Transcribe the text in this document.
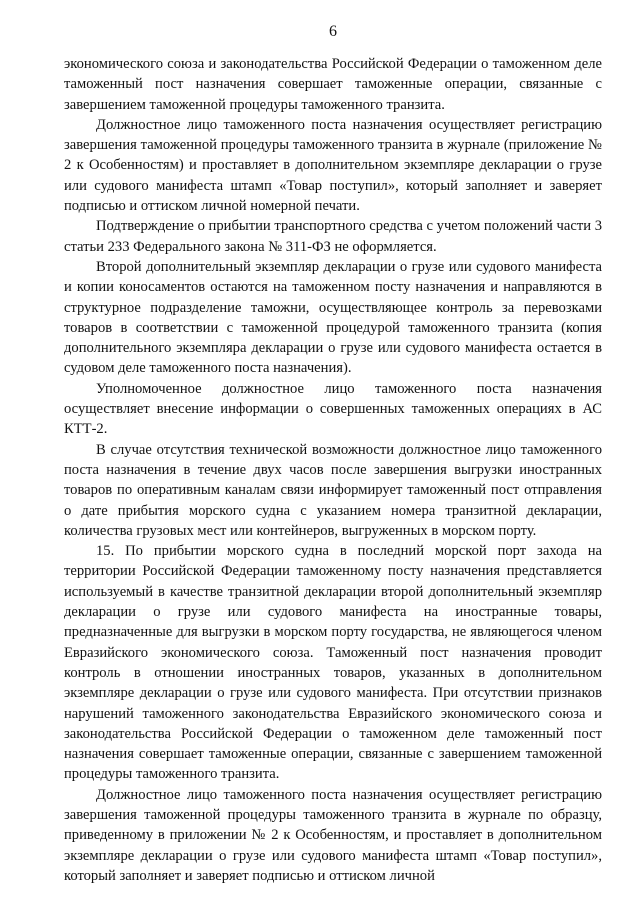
6

экономического союза и законодательства Российской Федерации о таможенном деле таможенный пост назначения совершает таможенные операции, связанные с завершением таможенной процедуры таможенного транзита.

Должностное лицо таможенного поста назначения осуществляет регистрацию завершения таможенной процедуры таможенного транзита в журнале (приложение № 2 к Особенностям) и проставляет в дополнительном экземпляре декларации о грузе или судового манифеста штамп «Товар поступил», который заполняет и заверяет подписью и оттиском личной номерной печати.

Подтверждение о прибытии транспортного средства с учетом положений части 3 статьи 233 Федерального закона № 311-ФЗ не оформляется.

Второй дополнительный экземпляр декларации о грузе или судового манифеста и копии коносаментов остаются на таможенном посту назначения и направляются в структурное подразделение таможни, осуществляющее контроль за перевозками товаров в соответствии с таможенной процедурой таможенного транзита (копия дополнительного экземпляра декларации о грузе или судового манифеста остается в судовом деле таможенного поста назначения).

Уполномоченное должностное лицо таможенного поста назначения осуществляет внесение информации о совершенных таможенных операциях в АС КТТ-2.

В случае отсутствия технической возможности должностное лицо таможенного поста назначения в течение двух часов после завершения выгрузки иностранных товаров по оперативным каналам связи информирует таможенный пост отправления о дате прибытия морского судна с указанием номера транзитной декларации, количества грузовых мест или контейнеров, выгруженных в морском порту.

15. По прибытии морского судна в последний морской порт захода на территории Российской Федерации таможенному посту назначения представляется используемый в качестве транзитной декларации второй дополнительный экземпляр декларации о грузе или судового манифеста на иностранные товары, предназначенные для выгрузки в морском порту государства, не являющегося членом Евразийского экономического союза. Таможенный пост назначения проводит контроль в отношении иностранных товаров, указанных в дополнительном экземпляре декларации о грузе или судового манифеста. При отсутствии признаков нарушений таможенного законодательства Евразийского экономического союза и законодательства Российской Федерации о таможенном деле таможенный пост назначения совершает таможенные операции, связанные с завершением таможенной процедуры таможенного транзита.

Должностное лицо таможенного поста назначения осуществляет регистрацию завершения таможенной процедуры таможенного транзита в журнале по образцу, приведенному в приложении № 2 к Особенностям, и проставляет в дополнительном экземпляре декларации о грузе или судового манифеста штамп «Товар поступил», который заполняет и заверяет подписью и оттиском личной
